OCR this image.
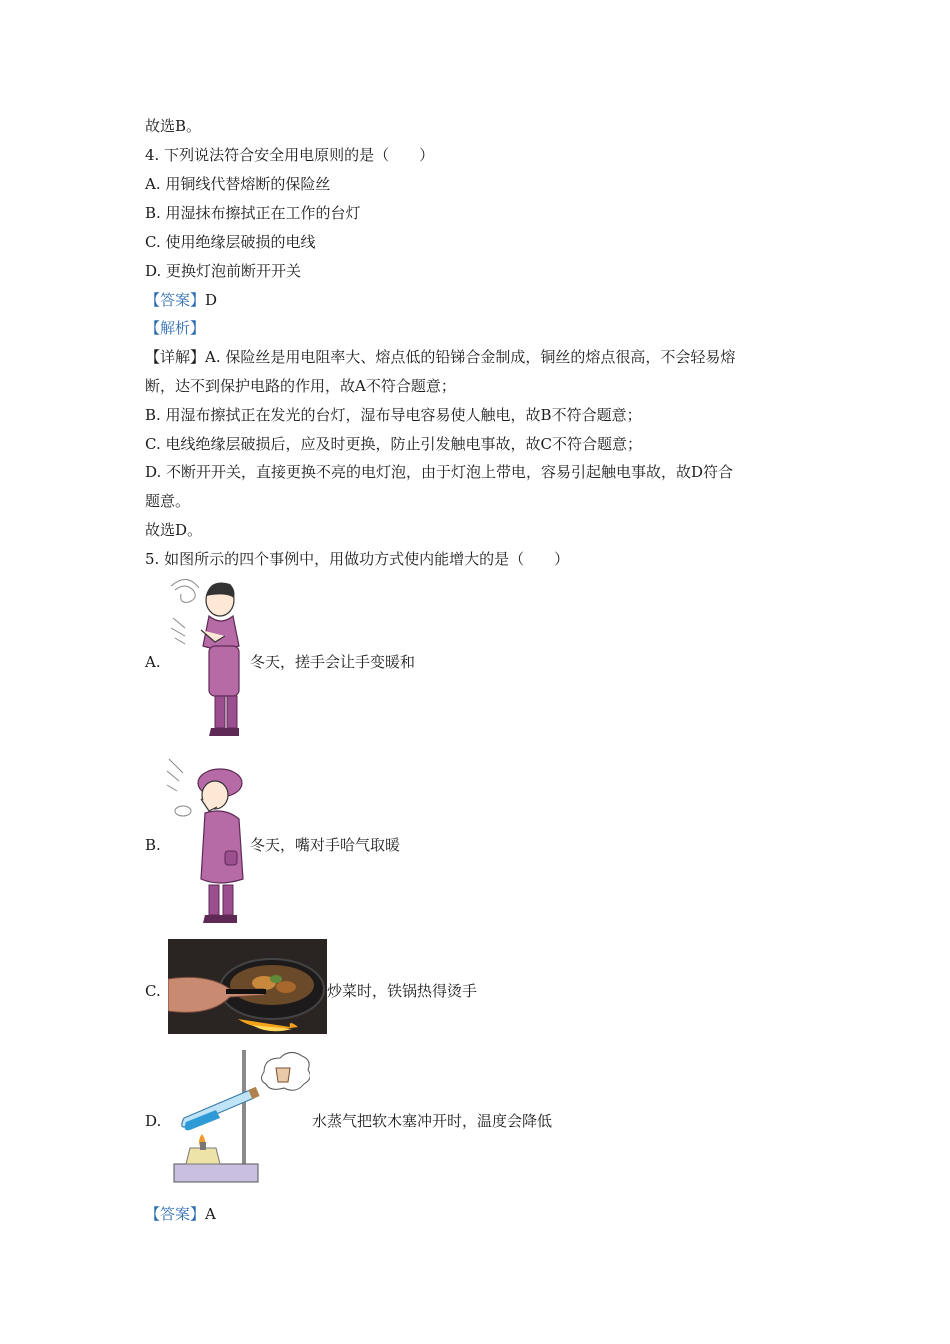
故选B。
4. 下列说法符合安全用电原则的是（　　）
A. 用铜线代替熔断的保险丝
B. 用湿抹布擦拭正在工作的台灯
C. 使用绝缘层破损的电线
D. 更换灯泡前断开开关
【答案】D
【解析】
【详解】A. 保险丝是用电阻率大、熔点低的铅锑合金制成，铜丝的熔点很高，不会轻易熔
断，达不到保护电路的作用，故A不符合题意；
B. 用湿布擦拭正在发光的台灯，湿布导电容易使人触电，故B不符合题意；
C. 电线绝缘层破损后，应及时更换，防止引发触电事故，故C不符合题意；
D. 不断开开关，直接更换不亮的电灯泡，由于灯泡上带电，容易引起触电事故，故D符合
题意。
故选D。
5. 如图所示的四个事例中，用做功方式使内能增大的是（　　）
A.	冬天，搓手会让手变暖和
B.	冬天，嘴对手哈气取暖
C.	炒菜时，铁锅热得烫手
D.	水蒸气把软木塞冲开时，温度会降低
【答案】A
